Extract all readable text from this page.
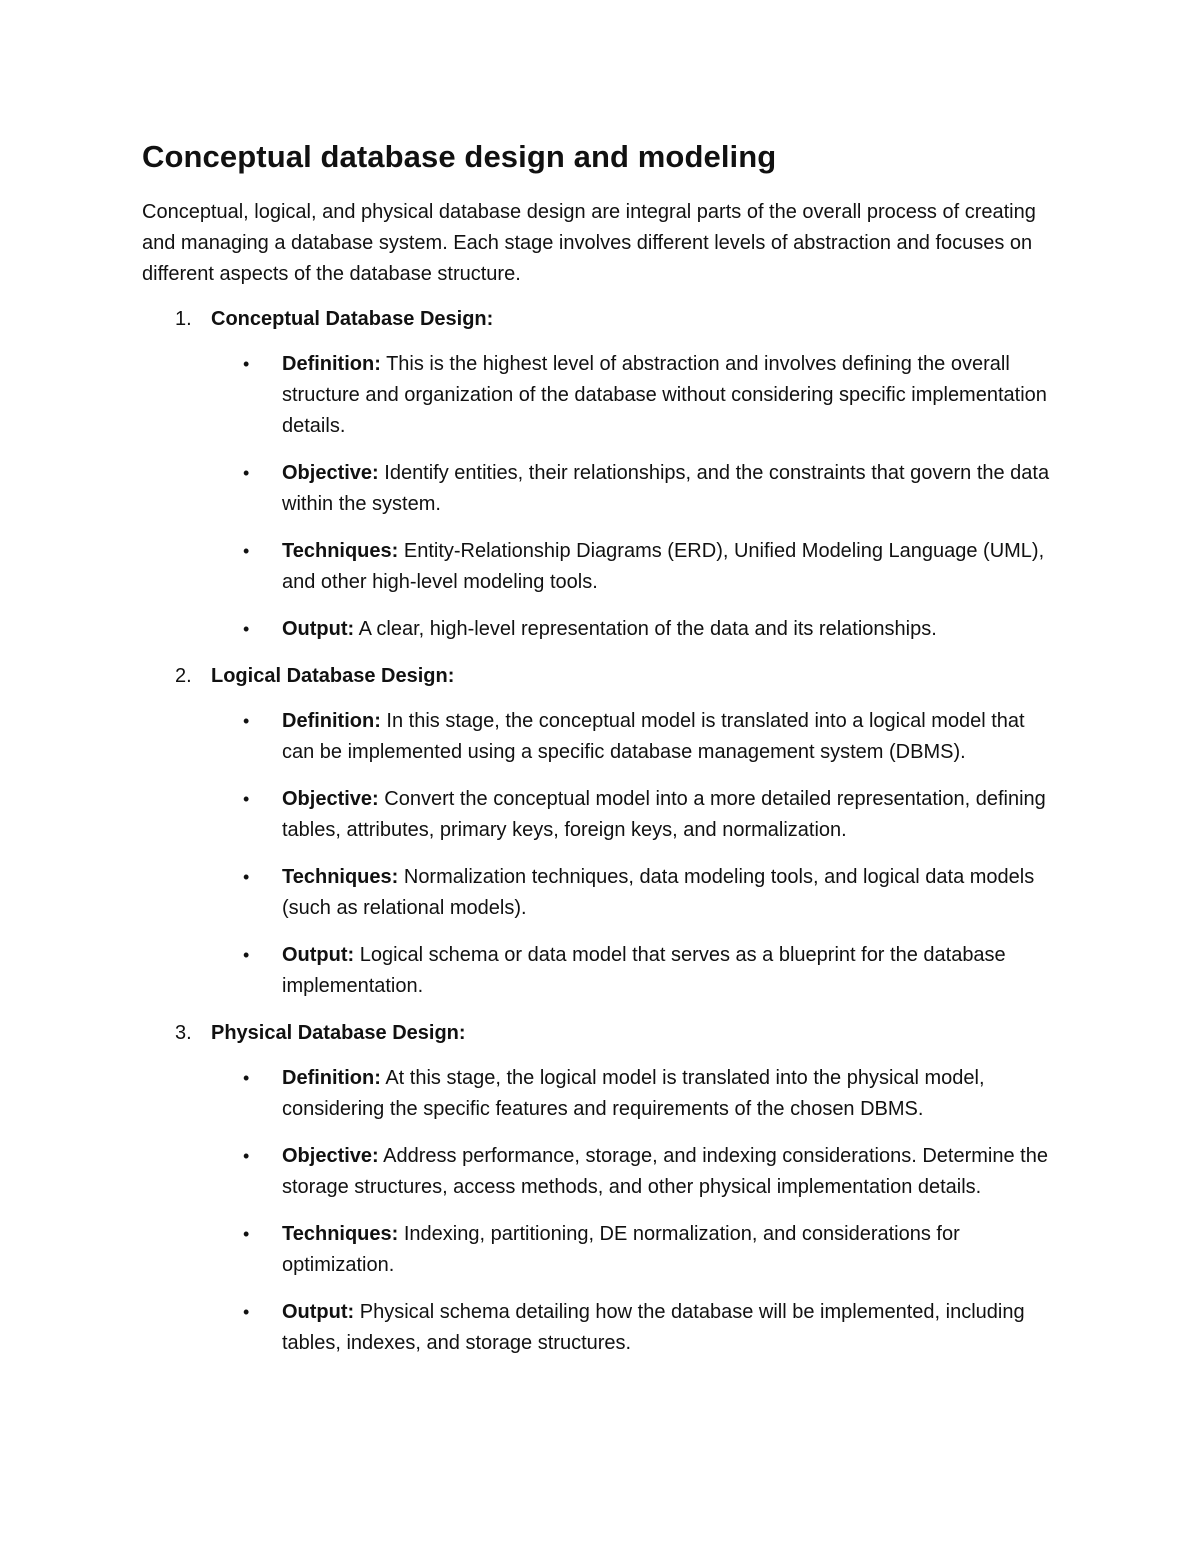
Conceptual database design and modeling

Conceptual, logical, and physical database design are integral parts of the overall process of creating and managing a database system. Each stage involves different levels of abstraction and focuses on different aspects of the database structure.

1. Conceptual Database Design:
•	Definition: This is the highest level of abstraction and involves defining the overall structure and organization of the database without considering specific implementation details.
•	Objective: Identify entities, their relationships, and the constraints that govern the data within the system.
•	Techniques: Entity-Relationship Diagrams (ERD), Unified Modeling Language (UML), and other high-level modeling tools.
•	Output: A clear, high-level representation of the data and its relationships.
2. Logical Database Design:
•	Definition: In this stage, the conceptual model is translated into a logical model that can be implemented using a specific database management system (DBMS).
•	Objective: Convert the conceptual model into a more detailed representation, defining tables, attributes, primary keys, foreign keys, and normalization.
•	Techniques: Normalization techniques, data modeling tools, and logical data models (such as relational models).
•	Output: Logical schema or data model that serves as a blueprint for the database implementation.
3. Physical Database Design:
•	Definition: At this stage, the logical model is translated into the physical model, considering the specific features and requirements of the chosen DBMS.
•	Objective: Address performance, storage, and indexing considerations. Determine the storage structures, access methods, and other physical implementation details.
•	Techniques: Indexing, partitioning, DE normalization, and considerations for optimization.
•	Output: Physical schema detailing how the database will be implemented, including tables, indexes, and storage structures.
